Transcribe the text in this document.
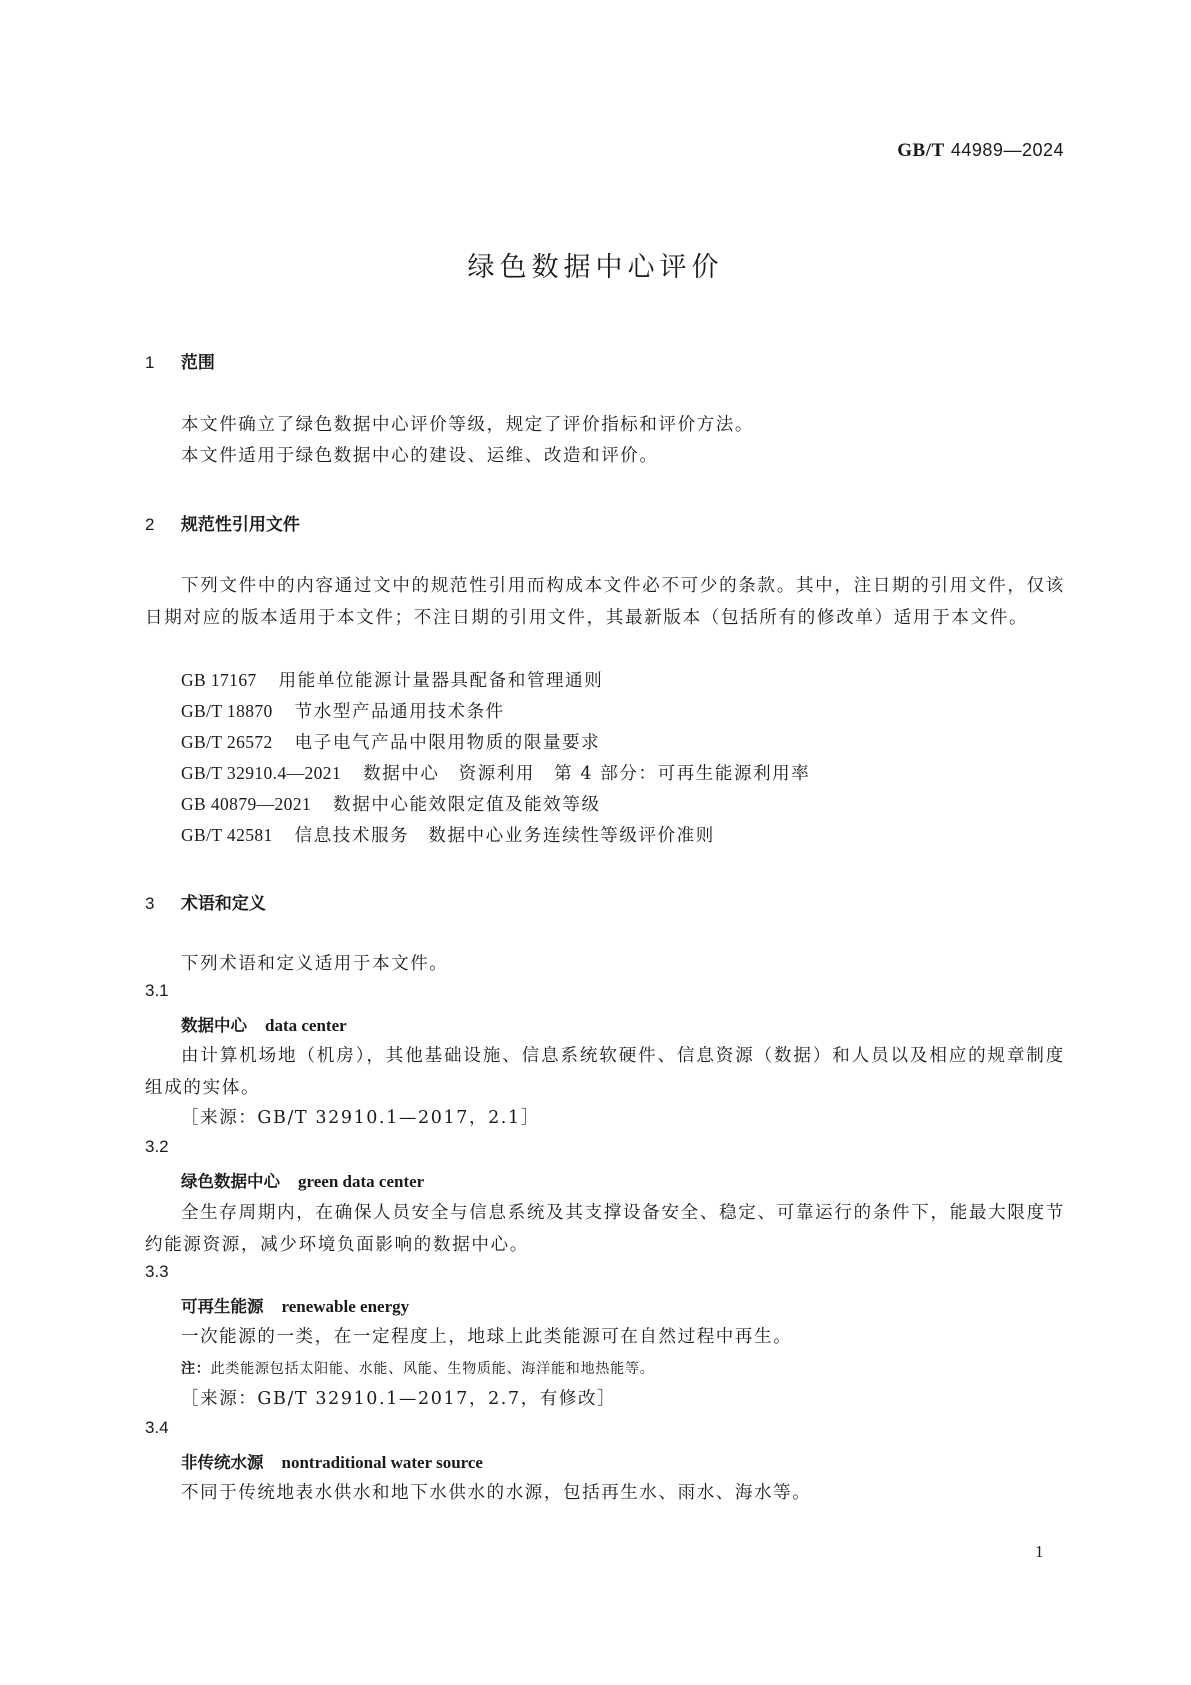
GB/T 44989—2024
绿色数据中心评价
1 范围
本文件确立了绿色数据中心评价等级，规定了评价指标和评价方法。
本文件适用于绿色数据中心的建设、运维、改造和评价。
2 规范性引用文件
下列文件中的内容通过文中的规范性引用而构成本文件必不可少的条款。其中，注日期的引用文件，仅该日期对应的版本适用于本文件；不注日期的引用文件，其最新版本（包括所有的修改单）适用于本文件。
GB 17167 用能单位能源计量器具配备和管理通则
GB/T 18870 节水型产品通用技术条件
GB/T 26572 电子电气产品中限用物质的限量要求
GB/T 32910.4—2021 数据中心　资源利用　第 4 部分：可再生能源利用率
GB 40879—2021 数据中心能效限定值及能效等级
GB/T 42581 信息技术服务　数据中心业务连续性等级评价准则
3 术语和定义
下列术语和定义适用于本文件。
3.1
数据中心 data center
由计算机场地（机房），其他基础设施、信息系统软硬件、信息资源（数据）和人员以及相应的规章制度组成的实体。
［来源：GB/T 32910.1—2017，2.1］
3.2
绿色数据中心 green data center
全生存周期内，在确保人员安全与信息系统及其支撑设备安全、稳定、可靠运行的条件下，能最大限度节约能源资源，减少环境负面影响的数据中心。
3.3
可再生能源 renewable energy
一次能源的一类，在一定程度上，地球上此类能源可在自然过程中再生。
注：此类能源包括太阳能、水能、风能、生物质能、海洋能和地热能等。
［来源：GB/T 32910.1—2017，2.7，有修改］
3.4
非传统水源 nontraditional water source
不同于传统地表水供水和地下水供水的水源，包括再生水、雨水、海水等。
1
